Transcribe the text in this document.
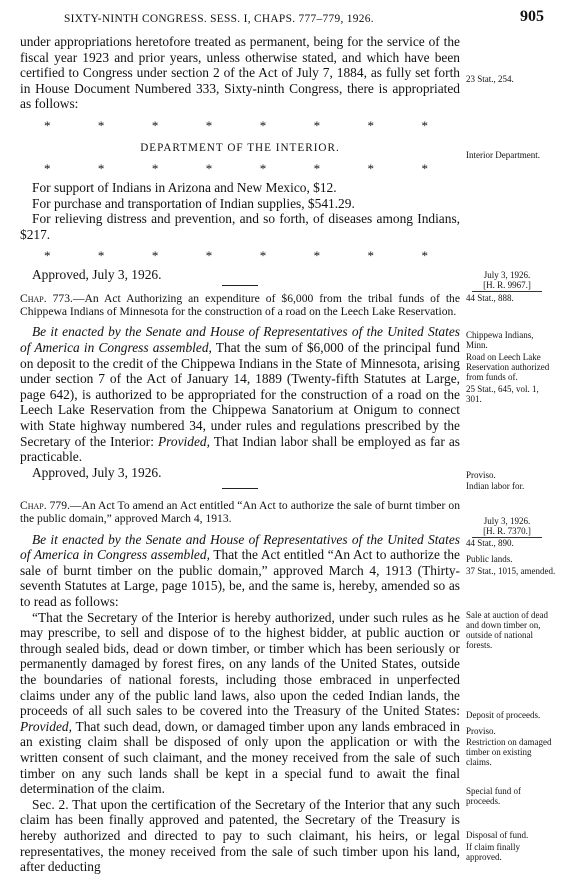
SIXTY-NINTH CONGRESS. SESS. I, CHAPS. 777–779, 1926.	905

under appropriations heretofore treated as permanent, being for the service of the fiscal year 1923 and prior years, unless otherwise stated, and which have been certified to Congress under section 2 of the Act of July 7, 1884, as fully set forth in House Document Numbered 333, Sixty-ninth Congress, there is appropriated as follows:

*	*	*	*	*	*	*	*
DEPARTMENT OF THE INTERIOR.
*	*	*	*	*	*	*	*

For support of Indians in Arizona and New Mexico, $12.

For purchase and transportation of Indian supplies, $541.29.

For relieving distress and prevention, and so forth, of diseases among Indians, $217.

*	*	*	*	*	*	*	*

Approved, July 3, 1926.

Chap. 773.—An Act Authorizing an expenditure of $6,000 from the tribal funds of the Chippewa Indians of Minnesota for the construction of a road on the Leech Lake Reservation.

Be it enacted by the Senate and House of Representatives of the United States of America in Congress assembled, That the sum of $6,000 of the principal fund on deposit to the credit of the Chippewa Indians in the State of Minnesota, arising under section 7 of the Act of January 14, 1889 (Twenty-fifth Statutes at Large, page 642), is authorized to be appropriated for the construction of a road on the Leech Lake Reservation from the Chippewa Sanatorium at Onigum to connect with State highway numbered 34, under rules and regulations prescribed by the Secretary of the Interior: Provided, That Indian labor shall be employed as far as practicable.

Approved, July 3, 1926.

Chap. 779.—An Act To amend an Act entitled “An Act to authorize the sale of burnt timber on the public domain,” approved March 4, 1913.

Be it enacted by the Senate and House of Representatives of the United States of America in Congress assembled, That the Act entitled “An Act to authorize the sale of burnt timber on the public domain,” approved March 4, 1913 (Thirty-seventh Statutes at Large, page 1015), be, and the same is, hereby, amended so as to read as follows:

“That the Secretary of the Interior is hereby authorized, under such rules as he may prescribe, to sell and dispose of to the highest bidder, at public auction or through sealed bids, dead or down timber, or timber which has been seriously or permanently damaged by forest fires, on any lands of the United States, outside the boundaries of national forests, including those embraced in unperfected claims under any of the public land laws, also upon the ceded Indian lands, the proceeds of all such sales to be covered into the Treasury of the United States: Provided, That such dead, down, or damaged timber upon any lands embraced in an existing claim shall be disposed of only upon the application or with the written consent of such claimant, and the money received from the sale of such timber on any such lands shall be kept in a special fund to await the final determination of the claim.

Sec. 2. That upon the certification of the Secretary of the Interior that any such claim has been finally approved and patented, the Secretary of the Treasury is hereby authorized and directed to pay to such claimant, his heirs, or legal representatives, the money received from the sale of such timber upon his land, after deducting

23 Stat., 254.
Interior Department.
July 3, 1926.
[H. R. 9967.]
44 Stat., 888.
Chippewa Indians, Minn.
Road on Leech Lake Reservation authorized from funds of.
25 Stat., 645, vol. 1, 301.
Proviso.
Indian labor for.
July 3, 1926.
[H. R. 7370.]
44 Stat., 890.
Public lands.
37 Stat., 1015, amended.
Sale at auction of dead and down timber on, outside of national forests.
Deposit of proceeds.
Proviso.
Restriction on damaged timber on existing claims.
Special fund of proceeds.
Disposal of fund.
If claim finally approved.
